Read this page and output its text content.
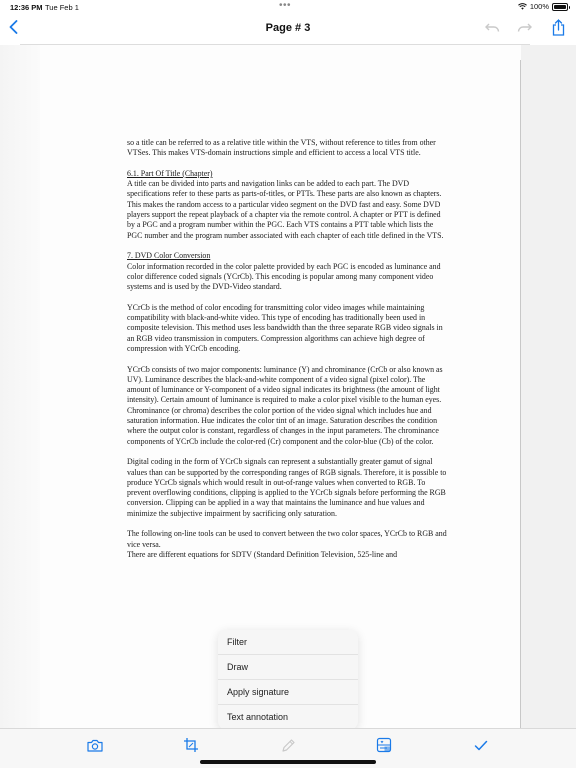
12:36 PM Tue Feb 1	•••	100%
Page # 3

so a title can be referred to as a relative title within the VTS, without reference to titles from other VTSes. This makes VTS-domain instructions simple and efficient to access a local VTS title.

6.1. Part Of Title (Chapter)

A title can be divided into parts and navigation links can be added to each part. The DVD specifications refer to these parts as parts-of-titles, or PTTs. These parts are also known as chapters. This makes the random access to a particular video segment on the DVD fast and easy. Some DVD players support the repeat playback of a chapter via the remote control. A chapter or PTT is defined by a PGC and a program number within the PGC. Each VTS contains a PTT table which lists the PGC number and the program number associated with each chapter of each title defined in the VTS.

7. DVD Color Conversion

Color information recorded in the color palette provided by each PGC is encoded as luminance and color difference coded signals (YCrCb). This encoding is popular among many component video systems and is used by the DVD-Video standard.

YCrCb is the method of color encoding for transmitting color video images while maintaining compatibility with black-and-white video. This type of encoding has traditionally been used in composite television. This method uses less bandwidth than the three separate RGB video signals in an RGB video transmission in computers. Compression algorithms can achieve high degree of compression with YCrCb encoding.

YCrCb consists of two major components: luminance (Y) and chrominance (CrCb or also known as UV). Luminance describes the black-and-white component of a video signal (pixel color). The amount of luminance or Y-component of a video signal indicates its brightness (the amount of light intensity). Certain amount of luminance is required to make a color pixel visible to the human eyes. Chrominance (or chroma) describes the color portion of the video signal which includes hue and saturation information. Hue indicates the color tint of an image. Saturation describes the condition where the output color is constant, regardless of changes in the input parameters. The chrominance components of YCrCb include the color-red (Cr) component and the color-blue (Cb) of the color.

Digital coding in the form of YCrCb signals can represent a substantially greater gamut of signal values than can be supported by the corresponding ranges of RGB signals. Therefore, it is possible to produce YCrCb signals which would result in out-of-range values when converted to RGB. To prevent overflowing conditions, clipping is applied to the YCrCb signals before performing the RGB conversion. Clipping can be applied in a way that maintains the luminance and hue values and minimize the subjective impairment by sacrificing only saturation.

The following on-line tools can be used to convert between the two color spaces, YCrCb to RGB and vice versa.
There are different equations for SDTV (Standard Definition Television, 525-line and
Filter
Draw
Apply signature
Text annotation
